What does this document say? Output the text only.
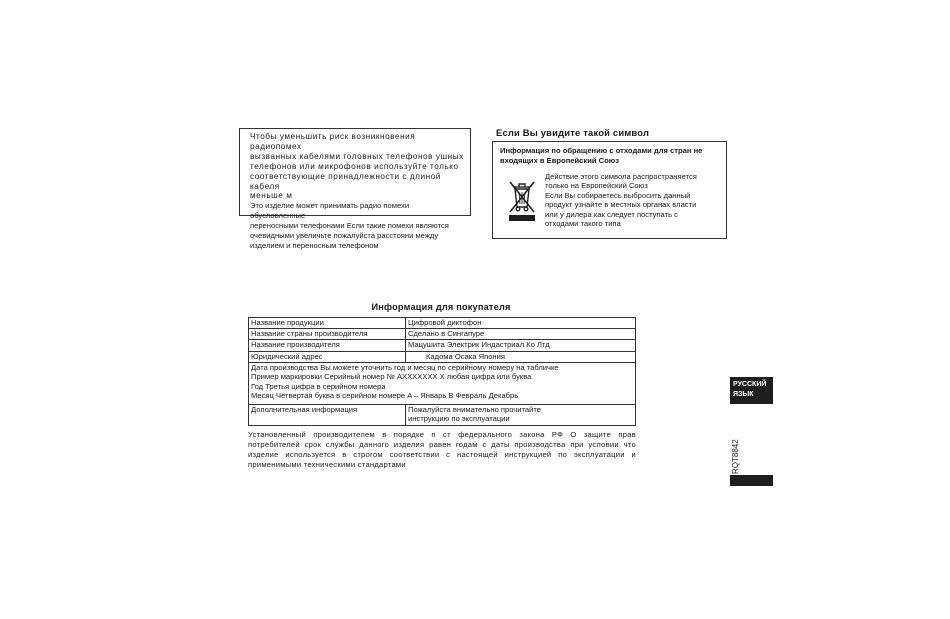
Чтобы уменьшить риск возникновения радиопомех

вызванных кабелями головных телефонов ушных

телефонов или микрофонов используйте только

соответствующие принадлежности с длиной кабеля

меньше м

Это изделие может принимать радио помехи обусловленные

переносными телефонами Если такие помехи являются

очевидными увеличьте пожалуйста расстояни между

изделием и переносным телефоном

Если Вы увидите такой символ
Информация по обращению с отходами для стран не входящих в Европейский Союз
Действие этого символа распространяется
только на Европейский Союз
Если Вы собираетесь выбросить данный
продукт узнайте в местных органах власти
или у дилера как следует поступать с
отходами такого типа
Информация для покупателя
Название продукции	Цифровой диктофон
Название страны производителя	Сделано в Сингапуре
Название производителя	Мацушита Электрик Индастриал Ко Лтд
Юридический адрес	Кадома Осака Япония

Дата производства Вы можете уточнить год и месяц по серийному номеру на табличке
Пример маркировки Серийный номер № AXXXXXXX X любая цифра или буква
Год Третья цифра в серийном номера
Месяц Четвертая буква в серийном номере A – Январь B Февраль Декабрь	

Дополнительная информация	Пожалуйста внимательно прочитайте
инструкцию по эксплуатации
Установленный производителем в порядке п ст федерального закона РФ О защите прав потребителей срок службы данного изделия равен годам с даты производства при условии что изделие используется в строгом соответствии с настоящей инструкцией по эксплуатации и применимыми техническими стандартами
РУССКИЙ
ЯЗЫК
RQT8842
